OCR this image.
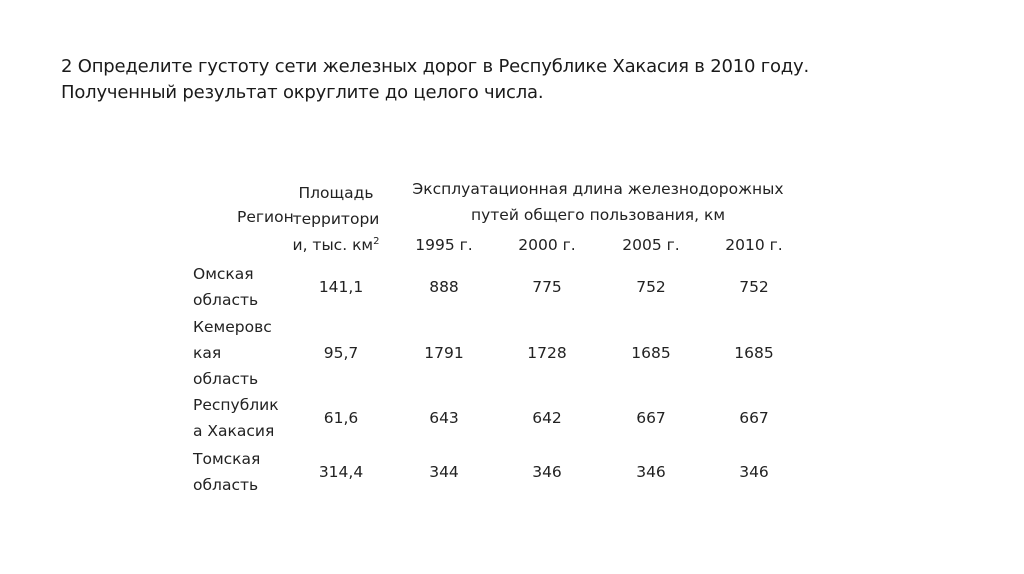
2 Определите густоту сети железных дорог в Республике Хакасия в 2010 году.

Полученный результат округлите до целого числа.

Регион
Площадь
территори
и, тыс. $км^2$
Эксплуатационная длина железнодорожных
путей общего пользования, км
1995 г.	2000 г.	2005 г.	2010 г.
Омская
область
141,1	888	775	752	752
Кемеровс
кая
область
95,7	1791	1728	1685	1685
Республик
а Хакасия
61,6	643	642	667	667
Томская
область
314,4	344	346	346	346
